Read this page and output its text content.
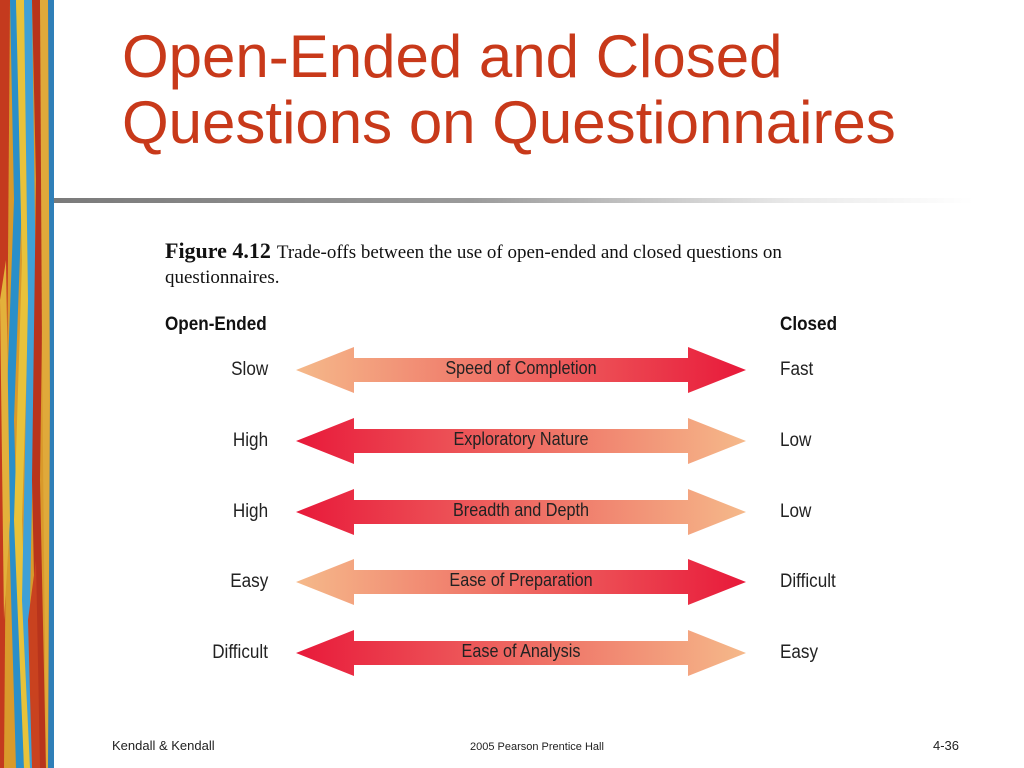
Open-Ended and Closed
Questions on Questionnaires
Figure 4.12 Trade-offs between the use of open-ended and closed questions on questionnaires.
Open-Ended	Closed
Slow	Speed of Completion	Fast
High	Exploratory Nature	Low
High	Breadth and Depth	Low
Easy	Ease of Preparation	Difficult
Difficult	Ease of Analysis	Easy
Kendall & Kendall	2005 Pearson Prentice Hall	4-36
